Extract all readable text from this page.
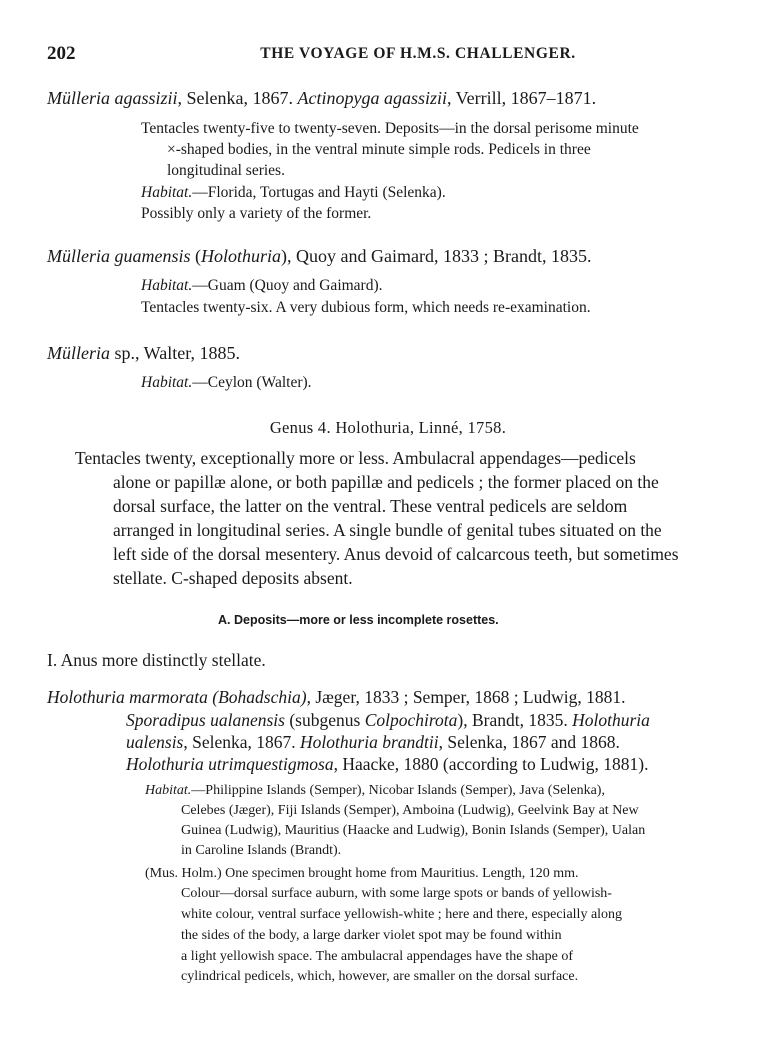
202	THE VOYAGE OF H.M.S. CHALLENGER.
Mülleria agassizii, Selenka, 1867. Actinopyga agassizii, Verrill, 1867–1871.
Tentacles twenty-five to twenty-seven. Deposits—in the dorsal perisome minute
×-shaped bodies, in the ventral minute simple rods. Pedicels in three
longitudinal series.
Habitat.—Florida, Tortugas and Hayti (Selenka).
Possibly only a variety of the former.
Mülleria guamensis (Holothuria), Quoy and Gaimard, 1833 ; Brandt, 1835.
Habitat.—Guam (Quoy and Gaimard).
Tentacles twenty-six. A very dubious form, which needs re-examination.
Mülleria sp., Walter, 1885.
Habitat.—Ceylon (Walter).
Genus 4. Holothuria, Linné, 1758.
Tentacles twenty, exceptionally more or less. Ambulacral appendages—pedicels
alone or papillæ alone, or both papillæ and pedicels ; the former placed on the
dorsal surface, the latter on the ventral. These ventral pedicels are seldom
arranged in longitudinal series. A single bundle of genital tubes situated on the
left side of the dorsal mesentery. Anus devoid of calcarcous teeth, but sometimes
stellate. C-shaped deposits absent.
A. Deposits—more or less incomplete rosettes.
I. Anus more distinctly stellate.
Holothuria marmorata (Bohadschia), Jæger, 1833 ; Semper, 1868 ; Ludwig, 1881.
Sporadipus ualanensis (subgenus Colpochirota), Brandt, 1835. Holothuria
ualensis, Selenka, 1867. Holothuria brandtii, Selenka, 1867 and 1868.
Holothuria utrimquestigmosa, Haacke, 1880 (according to Ludwig, 1881).
Habitat.—Philippine Islands (Semper), Nicobar Islands (Semper), Java (Selenka),
Celebes (Jæger), Fiji Islands (Semper), Amboina (Ludwig), Geelvink Bay at New
Guinea (Ludwig), Mauritius (Haacke and Ludwig), Bonin Islands (Semper), Ualan
in Caroline Islands (Brandt).
(Mus. Holm.) One specimen brought home from Mauritius. Length, 120 mm.
Colour—dorsal surface auburn, with some large spots or bands of yellowish-
white colour, ventral surface yellowish-white ; here and there, especially along
the sides of the body, a large darker violet spot may be found within
a light yellowish space. The ambulacral appendages have the shape of
cylindrical pedicels, which, however, are smaller on the dorsal surface.
